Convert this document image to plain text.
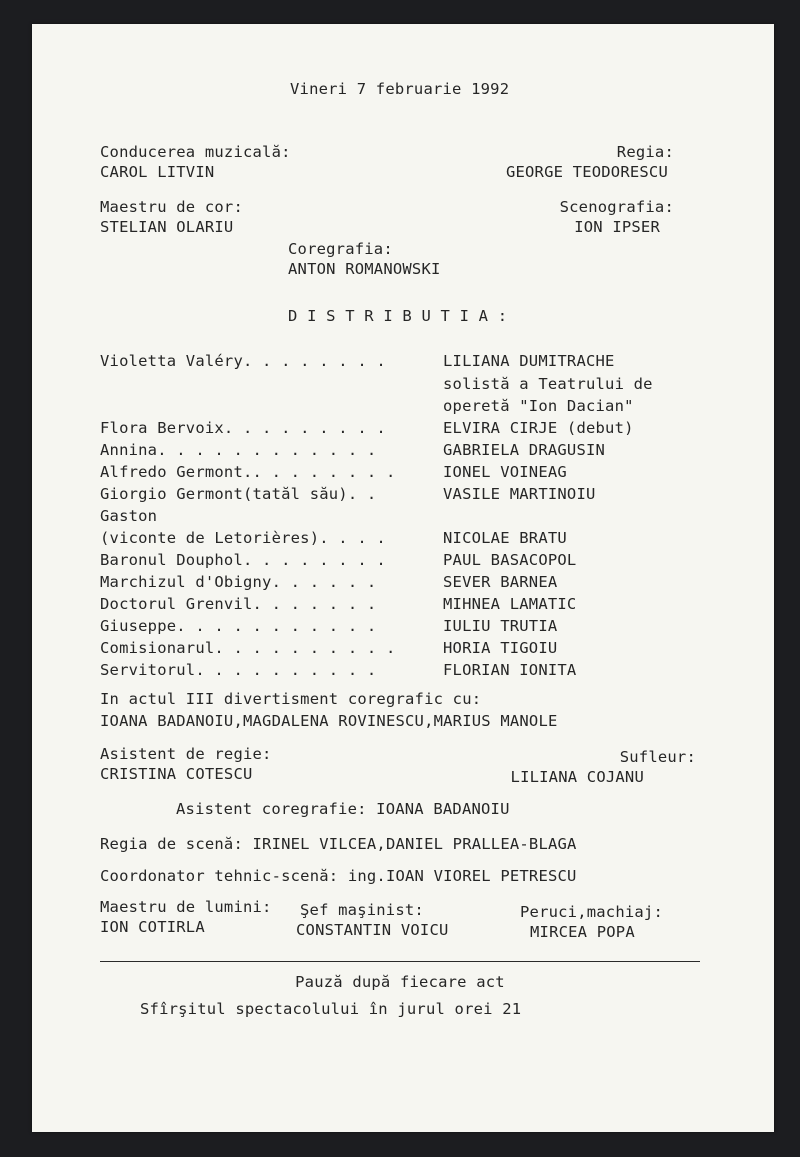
Vineri 7 februarie 1992
Conducerea muzicală:
CAROL LITVIN
Regia:
GEORGE TEODORESCU
Maestru de cor:
STELIAN OLARIU
Scenografia:
ION IPSER
Coregrafia:
ANTON ROMANOWSKI
D I S T R I B U T I A :
Violetta Valéry. . . . . . . .	LILIANA DUMITRACHE
solistă a Teatrului de
operetă "Ion Dacian"
Flora Bervoix. . . . . . . . .	ELVIRA CIRJE (debut)
Annina. . . . . . . . . . . .	GABRIELA DRAGUSIN
Alfredo Germont.. . . . . . . .	IONEL VOINEAG
Giorgio Germont(tatăl său). .	VASILE MARTINOIU
Gaston
(viconte de Letorières). . . .	NICOLAE BRATU
Baronul Douphol. . . . . . . .	PAUL BASACOPOL
Marchizul d'Obigny. . . . . .	SEVER BARNEA
Doctorul Grenvil. . . . . . .	MIHNEA LAMATIC
Giuseppe. . . . . . . . . . .	IULIU TRUTIA
Comisionarul. . . . . . . . . .	HORIA TIGOIU
Servitorul. . . . . . . . . .	FLORIAN IONITA
In actul III divertisment coregrafic cu:
IOANA BADANOIU,MAGDALENA ROVINESCU,MARIUS MANOLE
Asistent de regie:
CRISTINA COTESCU
Sufleur:
LILIANA COJANU
Asistent coregrafie: IOANA BADANOIU
Regia de scenă: IRINEL VILCEA,DANIEL PRALLEA-BLAGA
Coordonator tehnic-scenă: ing.IOAN VIOREL PETRESCU
Maestru de lumini:
ION COTIRLA
Şef maşinist:
CONSTANTIN VOICU
Peruci,machiaj:
MIRCEA POPA
Pauză după fiecare act
Sfîrşitul spectacolului în jurul orei 21
